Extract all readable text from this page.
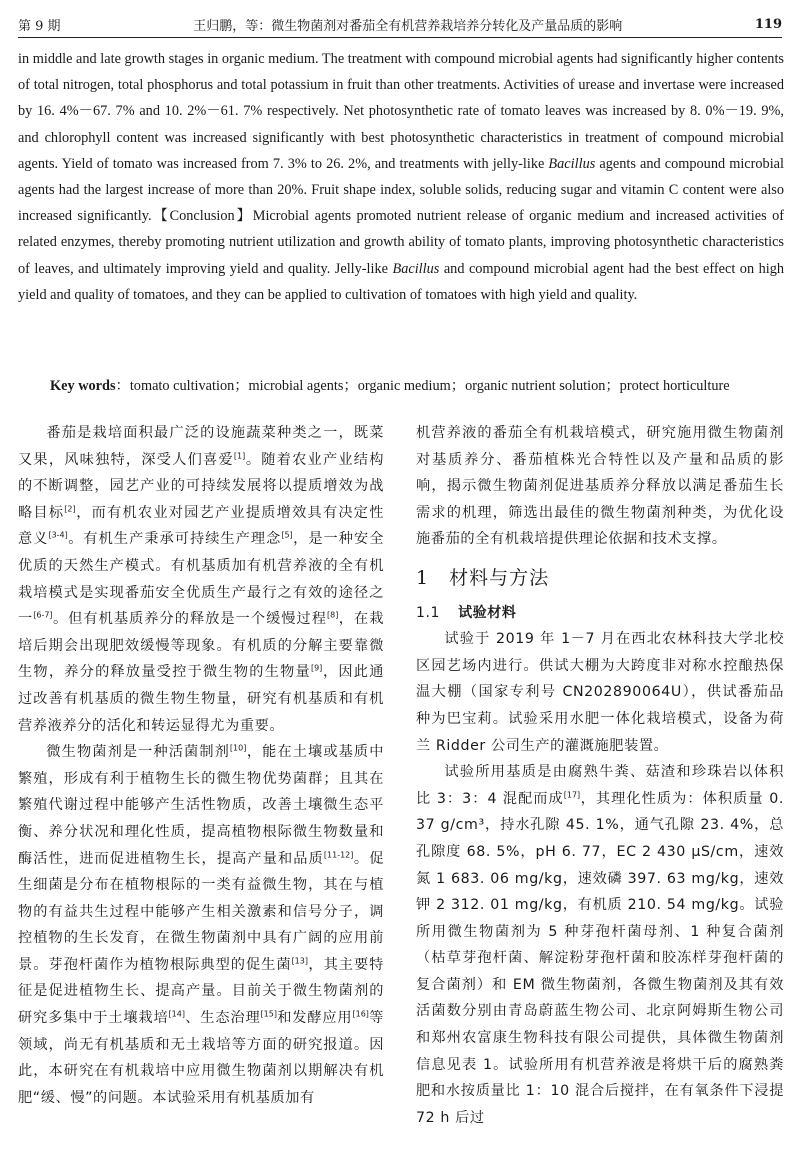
第 9 期	王归鹏，等：微生物菌剂对番茄全有机营养栽培养分转化及产量品质的影响	119

in middle and late growth stages in organic medium. The treatment with compound microbial agents had significantly higher contents of total nitrogen, total phosphorus and total potassium in fruit than other treatments. Activities of urease and invertase were increased by 16. 4%－67. 7% and 10. 2%－61. 7% respectively. Net photosynthetic rate of tomato leaves was increased by 8. 0%－19. 9%, and chlorophyll content was increased significantly with best photosynthetic characteristics in treatment of compound microbial agents. Yield of tomato was increased from 7. 3% to 26. 2%, and treatments with jelly-like Bacillus agents and compound microbial agents had the largest increase of more than 20%. Fruit shape index, soluble solids, reducing sugar and vitamin C content were also increased significantly.【Conclusion】Microbial agents promoted nutrient release of organic medium and increased activities of related enzymes, thereby promoting nutrient utilization and growth ability of tomato plants, improving photosynthetic characteristics of leaves, and ultimately improving yield and quality. Jelly-like Bacillus and compound microbial agent had the best effect on high yield and quality of tomatoes, and they can be applied to cultivation of tomatoes with high yield and quality.

Key words：tomato cultivation；microbial agents；organic medium；organic nutrient solution；protect horticulture

番茄是栽培面积最广泛的设施蔬菜种类之一，既菜又果，风味独特，深受人们喜爱[1]。随着农业产业结构的不断调整，园艺产业的可持续发展将以提质增效为战略目标[2]，而有机农业对园艺产业提质增效具有决定性意义[3-4]。有机生产秉承可持续生产理念[5]，是一种安全优质的天然生产模式。有机基质加有机营养液的全有机栽培模式是实现番茄安全优质生产最行之有效的途径之一[6-7]。但有机基质养分的释放是一个缓慢过程[8]，在栽培后期会出现肥效缓慢等现象。有机质的分解主要靠微生物，养分的释放量受控于微生物的生物量[9]，因此通过改善有机基质的微生物生物量，研究有机基质和有机营养液养分的活化和转运显得尤为重要。

微生物菌剂是一种活菌制剂[10]，能在土壤或基质中繁殖，形成有利于植物生长的微生物优势菌群；且其在繁殖代谢过程中能够产生活性物质，改善土壤微生态平衡、养分状况和理化性质，提高植物根际微生物数量和酶活性，进而促进植物生长，提高产量和品质[11-12]。促生细菌是分布在植物根际的一类有益微生物，其在与植物的有益共生过程中能够产生相关激素和信号分子，调控植物的生长发育，在微生物菌剂中具有广阔的应用前景。芽孢杆菌作为植物根际典型的促生菌[13]，其主要特征是促进植物生长、提高产量。目前关于微生物菌剂的研究多集中于土壤栽培[14]、生态治理[15]和发酵应用[16]等领域，尚无有机基质和无土栽培等方面的研究报道。因此，本研究在有机栽培中应用微生物菌剂以期解决有机肥“缓、慢”的问题。本试验采用有机基质加有

机营养液的番茄全有机栽培模式，研究施用微生物菌剂对基质养分、番茄植株光合特性以及产量和品质的影响，揭示微生物菌剂促进基质养分释放以满足番茄生长需求的机理，筛选出最佳的微生物菌剂种类，为优化设施番茄的全有机栽培提供理论依据和技术支撑。

1 材料与方法
1.1 试验材料

试验于 2019 年 1－7 月在西北农林科技大学北校区园艺场内进行。供试大棚为大跨度非对称水控酿热保温大棚（国家专利号 CN202890064U），供试番茄品种为巴宝莉。试验采用水肥一体化栽培模式，设备为荷兰 Ridder 公司生产的灌溉施肥装置。

试验所用基质是由腐熟牛粪、菇渣和珍珠岩以体积比 3：3：4 混配而成[17]，其理化性质为：体积质量 0. 37 g/cm³，持水孔隙 45. 1%，通气孔隙 23. 4%，总孔隙度 68. 5%，pH 6. 77，EC 2 430 μS/cm，速效氮 1 683. 06 mg/kg，速效磷 397. 63 mg/kg，速效钾 2 312. 01 mg/kg，有机质 210. 54 mg/kg。试验所用微生物菌剂为 5 种芽孢杆菌母剂、1 种复合菌剂（枯草芽孢杆菌、解淀粉芽孢杆菌和胶冻样芽孢杆菌的复合菌剂）和 EM 微生物菌剂，各微生物菌剂及其有效活菌数分别由青岛蔚蓝生物公司、北京阿姆斯生物公司和郑州农富康生物科技有限公司提供，具体微生物菌剂信息见表 1。试验所用有机营养液是将烘干后的腐熟粪肥和水按质量比 1：10 混合后搅拌，在有氧条件下浸提 72 h 后过
